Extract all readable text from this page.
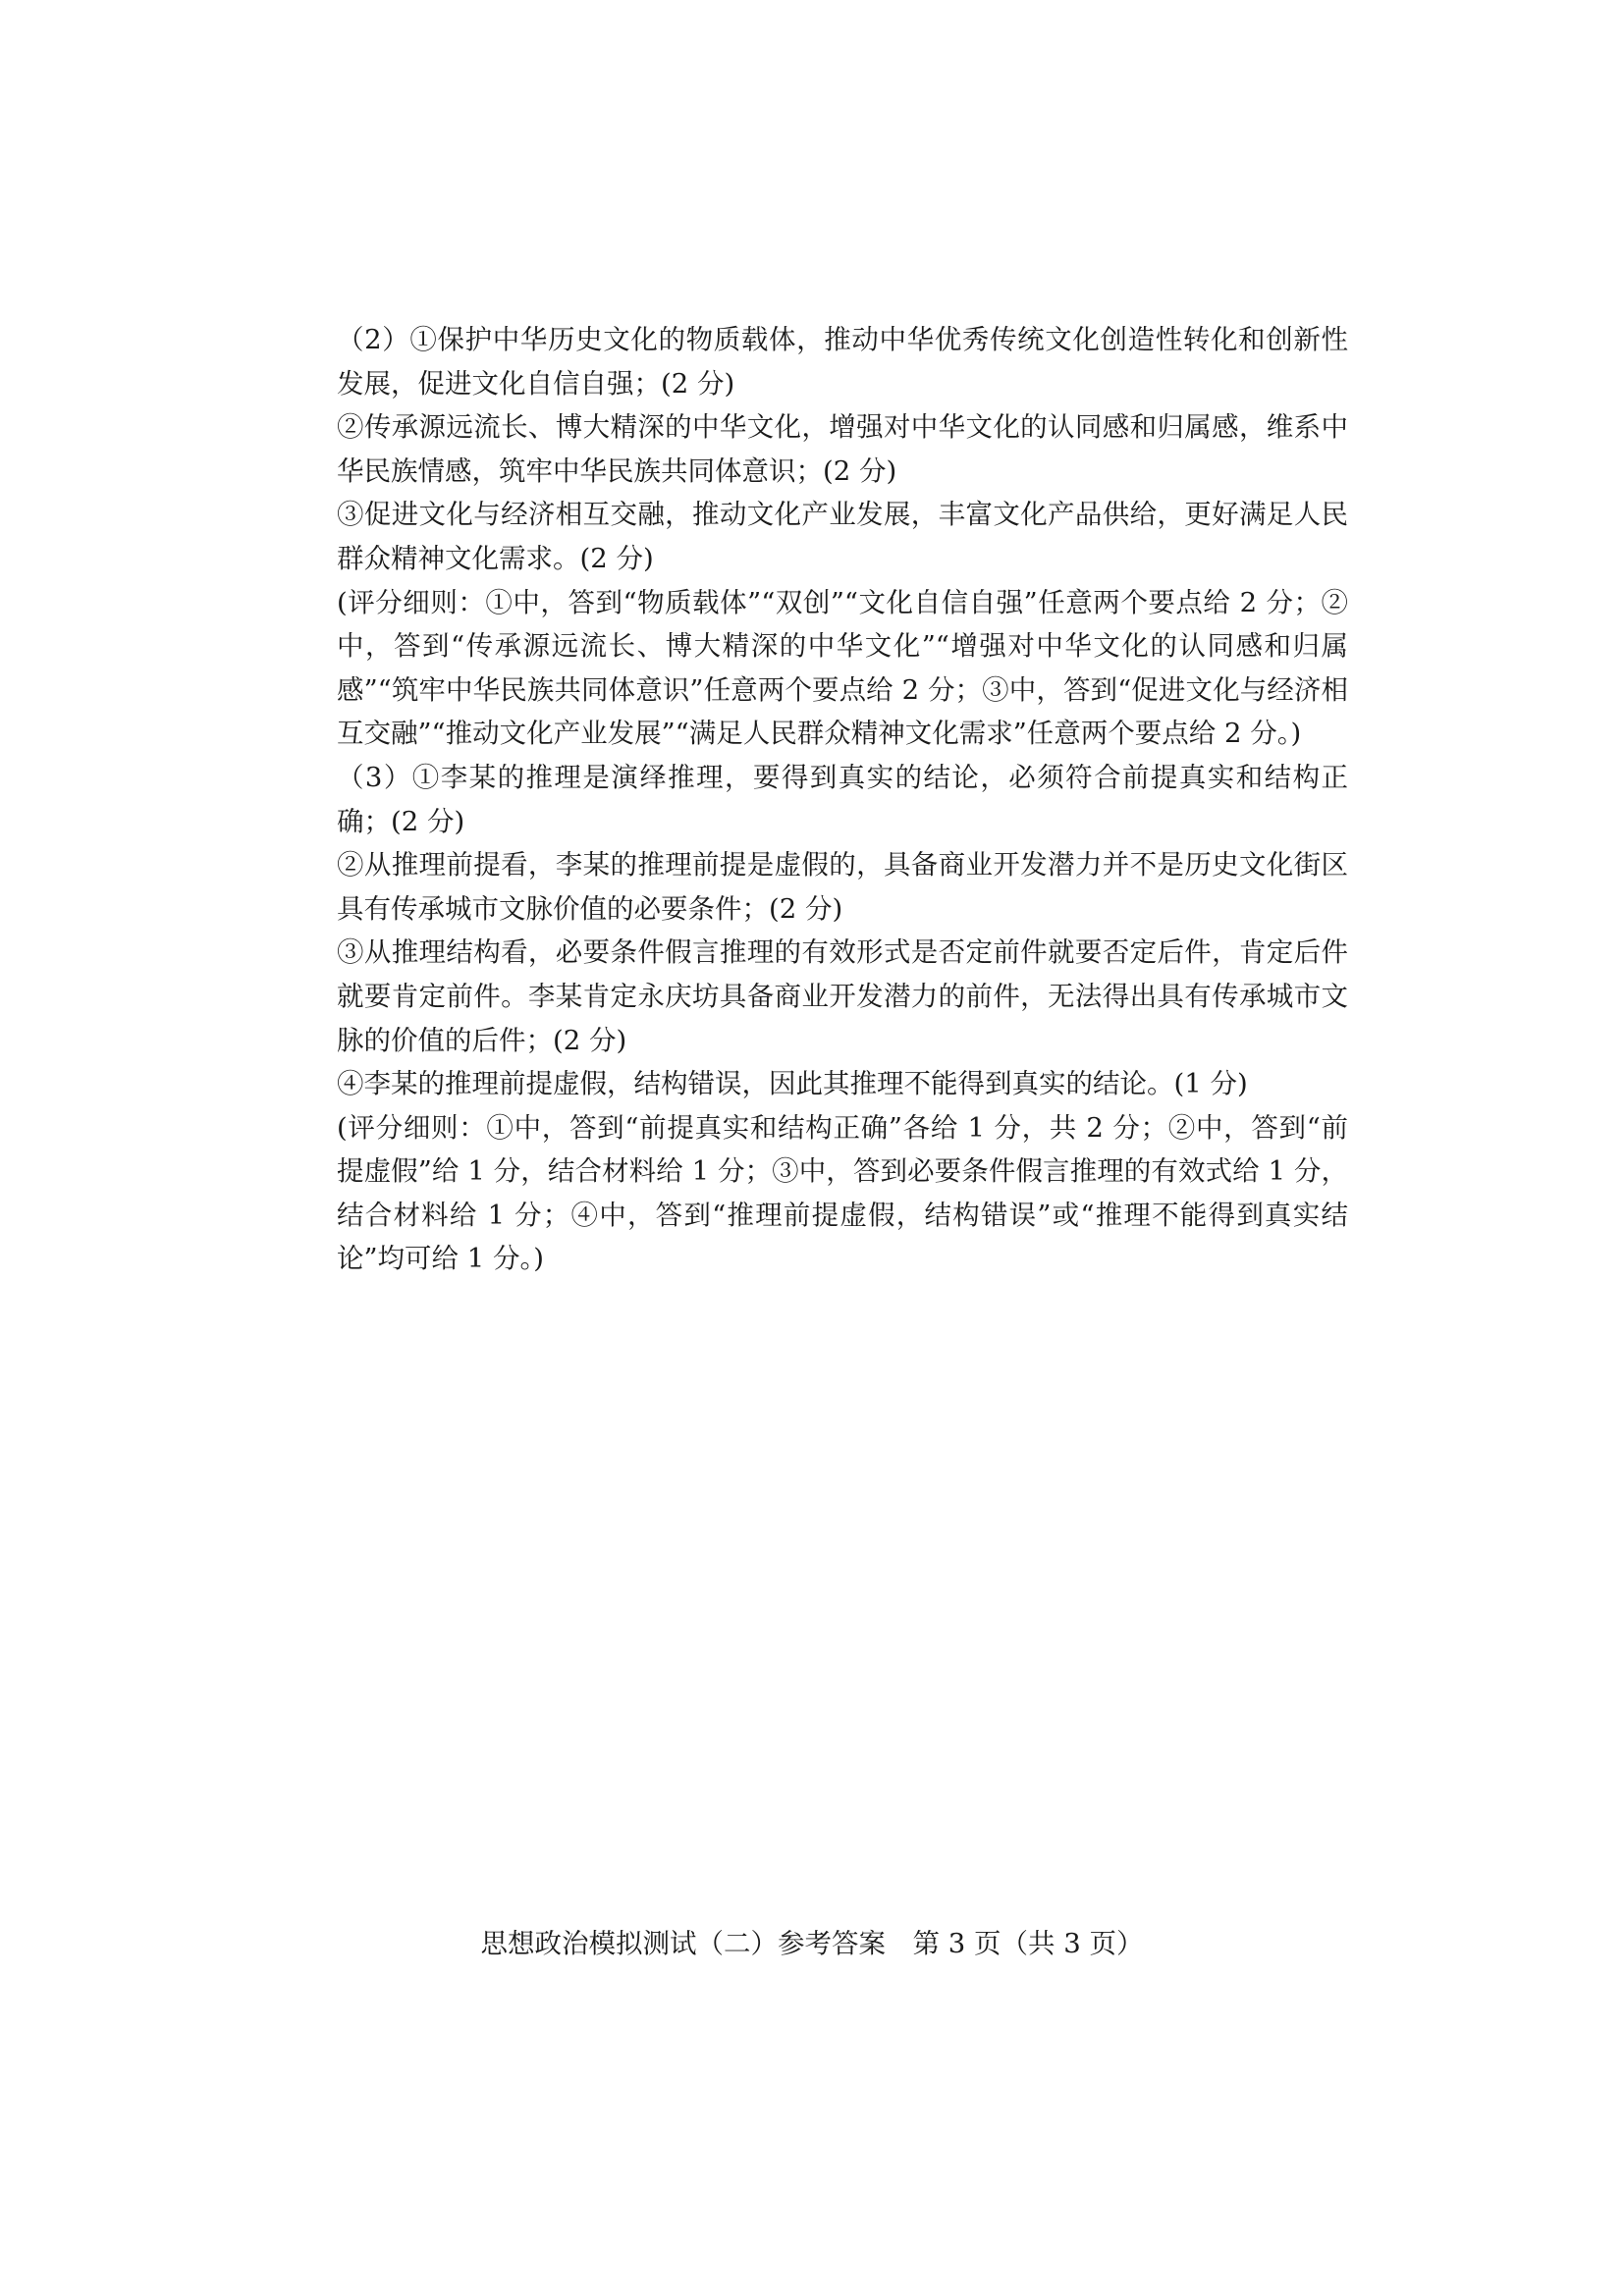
（2）①保护中华历史文化的物质载体，推动中华优秀传统文化创造性转化和创新性发展，促进文化自信自强；(2 分)

②传承源远流长、博大精深的中华文化，增强对中华文化的认同感和归属感，维系中华民族情感，筑牢中华民族共同体意识；(2 分)

③促进文化与经济相互交融，推动文化产业发展，丰富文化产品供给，更好满足人民群众精神文化需求。(2 分)

(评分细则：①中，答到“物质载体”“双创”“文化自信自强”任意两个要点给 2 分；②中，答到“传承源远流长、博大精深的中华文化”“增强对中华文化的认同感和归属感”“筑牢中华民族共同体意识”任意两个要点给 2 分；③中，答到“促进文化与经济相互交融”“推动文化产业发展”“满足人民群众精神文化需求”任意两个要点给 2 分。)

（3）①李某的推理是演绎推理，要得到真实的结论，必须符合前提真实和结构正确；(2 分)

②从推理前提看，李某的推理前提是虚假的，具备商业开发潜力并不是历史文化街区具有传承城市文脉价值的必要条件；(2 分)

③从推理结构看，必要条件假言推理的有效形式是否定前件就要否定后件，肯定后件就要肯定前件。李某肯定永庆坊具备商业开发潜力的前件，无法得出具有传承城市文脉的价值的后件；(2 分)

④李某的推理前提虚假，结构错误，因此其推理不能得到真实的结论。(1 分)

(评分细则：①中，答到“前提真实和结构正确”各给 1 分，共 2 分；②中，答到“前提虚假”给 1 分，结合材料给 1 分；③中，答到必要条件假言推理的有效式给 1 分，结合材料给 1 分；④中，答到“推理前提虚假，结构错误”或“推理不能得到真实结论”均可给 1 分。)

思想政治模拟测试（二）参考答案　第 3 页（共 3 页）
